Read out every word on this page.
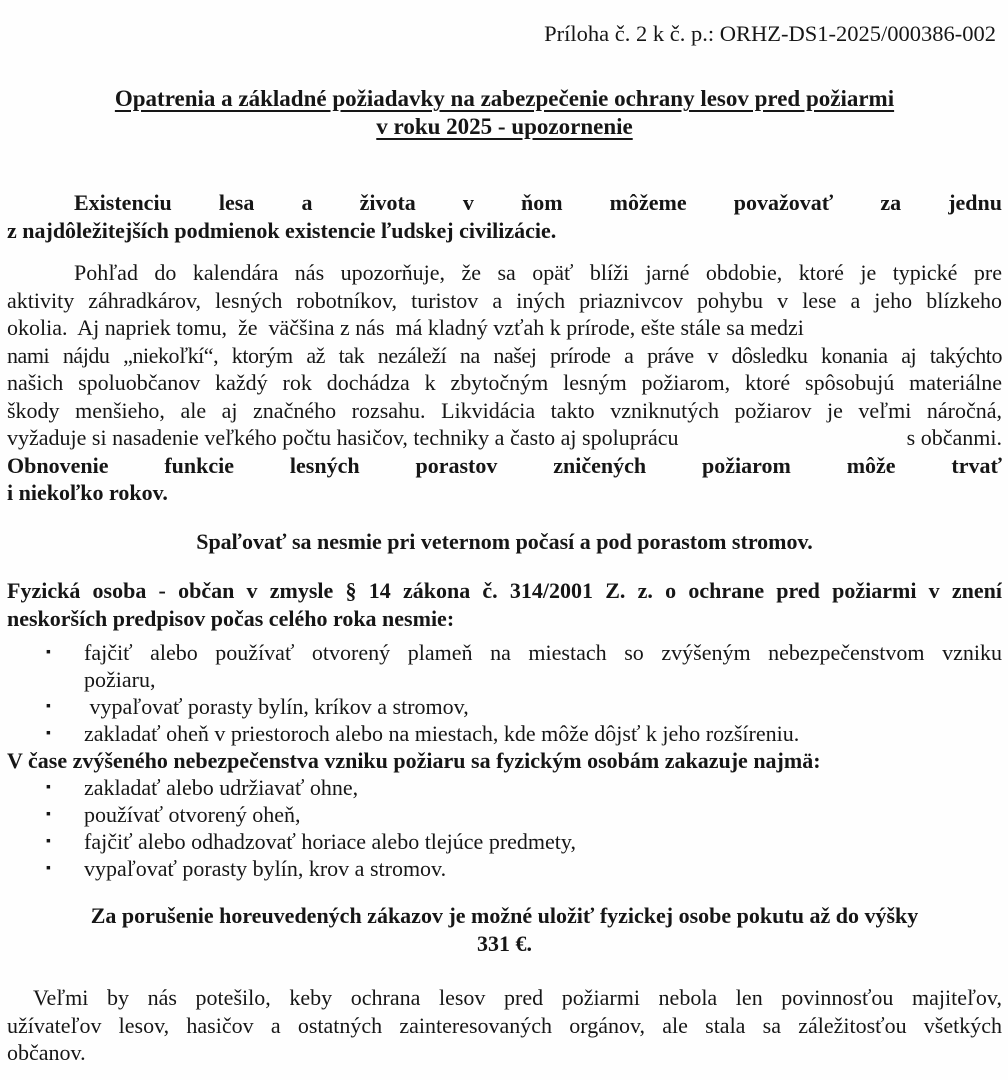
Príloha č. 2 k č. p.: ORHZ-DS1-2025/000386-002
Opatrenia a základné požiadavky na zabezpečenie ochrany lesov pred požiarmi
v roku 2025 - upozornenie
Existenciu lesa a života v ňom môžeme považovať za jednu
z najdôležitejších podmienok existencie ľudskej civilizácie.
Pohľad do kalendára nás upozorňuje, že sa opäť blíži jarné obdobie, ktoré je typické pre
aktivity záhradkárov, lesných robotníkov, turistov a iných priaznivcov pohybu v lese a jeho blízkeho
okolia.  Aj napriek tomu,  že  väčšina z nás  má kladný vzťah k prírode, ešte stále sa medzi
nami nájdu „niekoľkí“, ktorým až tak nezáleží na našej prírode a práve v dôsledku konania aj takýchto
našich spoluobčanov každý rok dochádza k zbytočným lesným požiarom, ktoré spôsobujú materiálne
škody menšieho, ale aj značného rozsahu. Likvidácia takto vzniknutých požiarov je veľmi náročná,
vyžaduje si nasadenie veľkého počtu hasičov, techniky a často aj spoluprácu	s občanmi.
Obnovenie funkcie lesných porastov zničených požiarom môže trvať
i niekoľko rokov.
Spaľovať sa nesmie pri veternom počasí a pod porastom stromov.
Fyzická osoba - občan v zmysle § 14 zákona č. 314/2001 Z. z. o ochrane pred požiarmi v znení
neskorších predpisov počas celého roka nesmie:
▪	fajčiť alebo používať otvorený plameň na miestach so zvýšeným nebezpečenstvom vzniku
požiaru,
▪	vypaľovať porasty bylín, kríkov a stromov,
▪	zakladať oheň v priestoroch alebo na miestach, kde môže dôjsť k jeho rozšíreniu.
V čase zvýšeného nebezpečenstva vzniku požiaru sa fyzickým osobám zakazuje najmä:
▪	zakladať alebo udržiavať ohne,
▪	používať otvorený oheň,
▪	fajčiť alebo odhadzovať horiace alebo tlejúce predmety,
▪	vypaľovať porasty bylín, krov a stromov.
Za porušenie horeuvedených zákazov je možné uložiť fyzickej osobe pokutu až do výšky
331 €.
Veľmi by nás potešilo, keby ochrana lesov pred požiarmi nebola len povinnosťou majiteľov,
užívateľov lesov, hasičov a ostatných zainteresovaných orgánov, ale stala sa záležitosťou všetkých
občanov.
